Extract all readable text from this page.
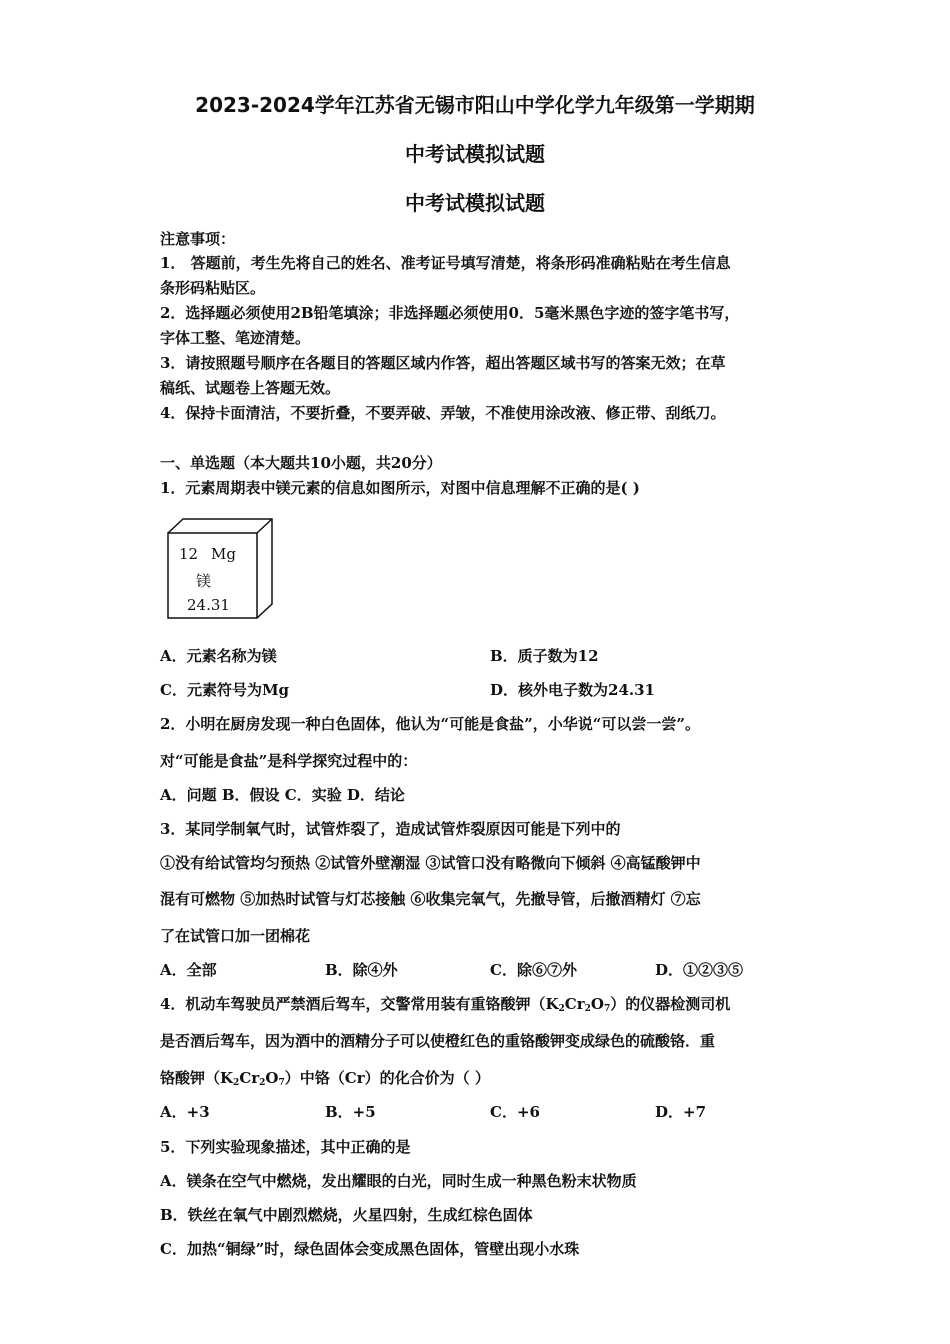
2023-2024学年江苏省无锡市阳山中学化学九年级第一学期期
中考试模拟试题
中考试模拟试题
注意事项：
1． 答题前，考生先将自己的姓名、准考证号填写清楚，将条形码准确粘贴在考生信息
条形码粘贴区。
2．选择题必须使用2B铅笔填涂；非选择题必须使用0．5毫米黑色字迹的签字笔书写，
字体工整、笔迹清楚。
3．请按照题号顺序在各题目的答题区域内作答，超出答题区域书写的答案无效；在草
稿纸、试题卷上答题无效。
4．保持卡面清洁，不要折叠，不要弄破、弄皱，不准使用涂改液、修正带、刮纸刀。
一、单选题（本大题共10小题，共20分）
1．元素周期表中镁元素的信息如图所示，对图中信息理解不正确的是( )
12 Mg
镁
24.31
A．元素名称为镁	B．质子数为12
C．元素符号为Mg	D．核外电子数为24.31
2．小明在厨房发现一种白色固体，他认为“可能是食盐”，小华说“可以尝一尝”。
对“可能是食盐”是科学探究过程中的：
A．问题 B．假设 C．实验 D．结论
3．某同学制氧气时，试管炸裂了，造成试管炸裂原因可能是下列中的
①没有给试管均匀预热 ②试管外壁潮湿 ③试管口没有略微向下倾斜 ④高锰酸钾中
混有可燃物 ⑤加热时试管与灯芯接触 ⑥收集完氧气，先撤导管，后撤酒精灯 ⑦忘
了在试管口加一团棉花
A．全部	B．除④外	C．除⑥⑦外	D．①②③⑤
4．机动车驾驶员严禁酒后驾车，交警常用装有重铬酸钾$(K_2Cr_2O_7)$的仪器检测司机
是否酒后驾车，因为酒中的酒精分子可以使橙红色的重铬酸钾变成绿色的硫酸铬．重
铬酸钾$(K_2Cr_2O_7)$中铬（Cr）的化合价为（ ）
A．+3	B．+5	C．+6	D．+7
5．下列实验现象描述，其中正确的是
A．镁条在空气中燃烧，发出耀眼的白光，同时生成一种黑色粉末状物质
B．铁丝在氧气中剧烈燃烧，火星四射，生成红棕色固体
C．加热“铜绿”时，绿色固体会变成黑色固体，管壁出现小水珠
